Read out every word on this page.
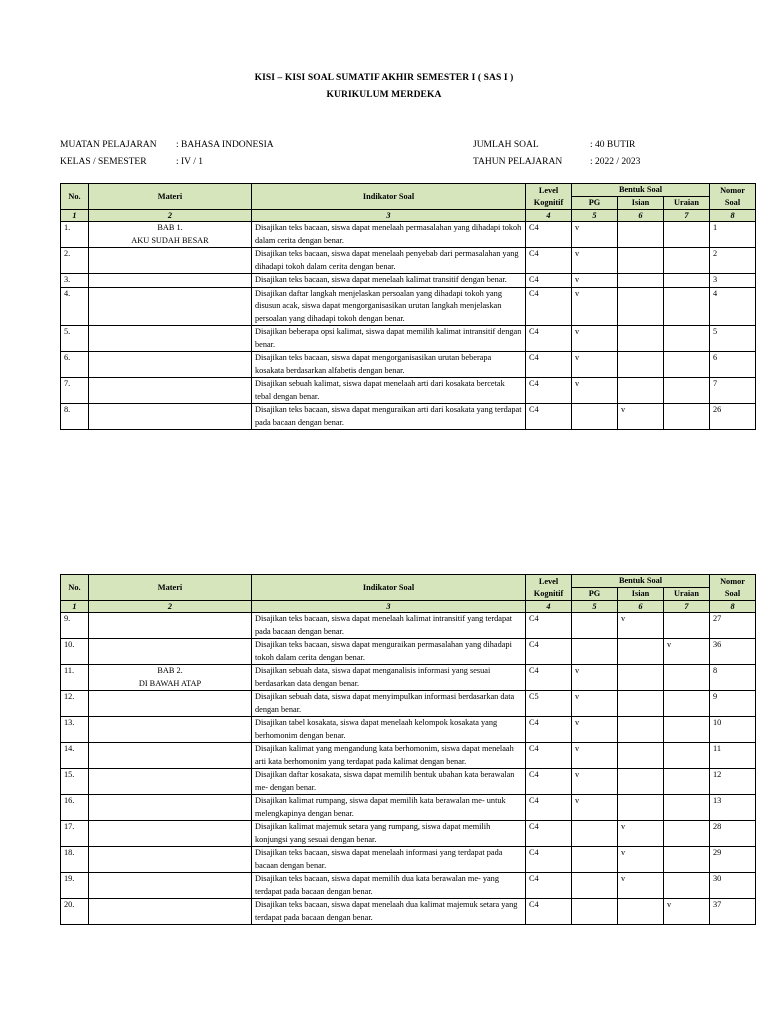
KISI – KISI SOAL SUMATIF AKHIR SEMESTER I ( SAS I )
KURIKULUM MERDEKA
MUATAN PELAJARAN : BAHASA INDONESIA
KELAS / SEMESTER	: IV / 1
JUMLAH SOAL	: 40 BUTIR
TAHUN PELAJARAN	: 2022 / 2023
No.	Materi	Indikator Soal	Level
Kognitif	Bentuk Soal			Nomor
Soal

				PG	Isian	Uraian	
1	2	3	4	5	6	7	8
1.	BAB 1.
AKU SUDAH BESAR	Disajikan teks bacaan, siswa dapat menelaah permasalahan yang dihadapi tokoh dalam cerita dengan benar.	C4	v			1
2.		Disajikan teks bacaan, siswa dapat menelaah penyebab dari permasalahan yang dihadapi tokoh dalam cerita dengan benar.	C4	v			2
3.		Disajikan teks bacaan, siswa dapat menelaah kalimat transitif dengan benar.	C4	v			3
4.		Disajikan daftar langkah menjelaskan persoalan yang dihadapi tokoh yang disusun acak, siswa dapat mengorganisasikan urutan langkah menjelaskan persoalan yang dihadapi tokoh dengan benar.	C4	v			4
5.		Disajikan beberapa opsi kalimat, siswa dapat memilih kalimat intransitif dengan benar.	C4	v			5
6.		Disajikan teks bacaan, siswa dapat mengorganisasikan urutan beberapa kosakata berdasarkan alfabetis dengan benar.	C4	v			6
7.		Disajikan sebuah kalimat, siswa dapat menelaah arti dari kosakata bercetak tebal dengan benar.	C4	v			7
8.		Disajikan teks bacaan, siswa dapat menguraikan arti dari kosakata yang terdapat pada bacaan dengan benar.	C4		v		26
No.	Materi	Indikator Soal	Level
Kognitif	Bentuk Soal			Nomor
Soal

				PG	Isian	Uraian	
1	2	3	4	5	6	7	8
9.		Disajikan teks bacaan, siswa dapat menelaah kalimat intransitif yang terdapat pada bacaan dengan benar.	C4		v		27
10.		Disajikan teks bacaan, siswa dapat menguraikan permasalahan yang dihadapi tokoh dalam cerita dengan benar.	C4			v	36
11.	BAB 2.
DI BAWAH ATAP	Disajikan sebuah data, siswa dapat menganalisis informasi yang sesuai berdasarkan data dengan benar.	C4	v			8
12.		Disajikan sebuah data, siswa dapat menyimpulkan informasi berdasarkan data dengan benar.	C5	v			9
13.		Disajikan tabel kosakata, siswa dapat menelaah kelompok kosakata yang berhomonim dengan benar.	C4	v			10
14.		Disajikan kalimat yang mengandung kata berhomonim, siswa dapat menelaah arti kata berhomonim yang terdapat pada kalimat dengan benar.	C4	v			11
15.		Disajikan daftar kosakata, siswa dapat memilih bentuk ubahan kata berawalan me- dengan benar.	C4	v			12
16.		Disajikan kalimat rumpang, siswa dapat memilih kata berawalan me- untuk melengkapinya dengan benar.	C4	v			13
17.		Disajikan kalimat majemuk setara yang rumpang, siswa dapat memilih konjungsi yang sesuai dengan benar.	C4		v		28
18.		Disajikan teks bacaan, siswa dapat menelaah informasi yang terdapat pada bacaan dengan benar.	C4		v		29
19.		Disajikan teks bacaan, siswa dapat memilih dua kata berawalan me- yang terdapat pada bacaan dengan benar.	C4		v		30
20.		Disajikan teks bacaan, siswa dapat menelaah dua kalimat majemuk setara yang terdapat pada bacaan dengan benar.	C4			v	37
